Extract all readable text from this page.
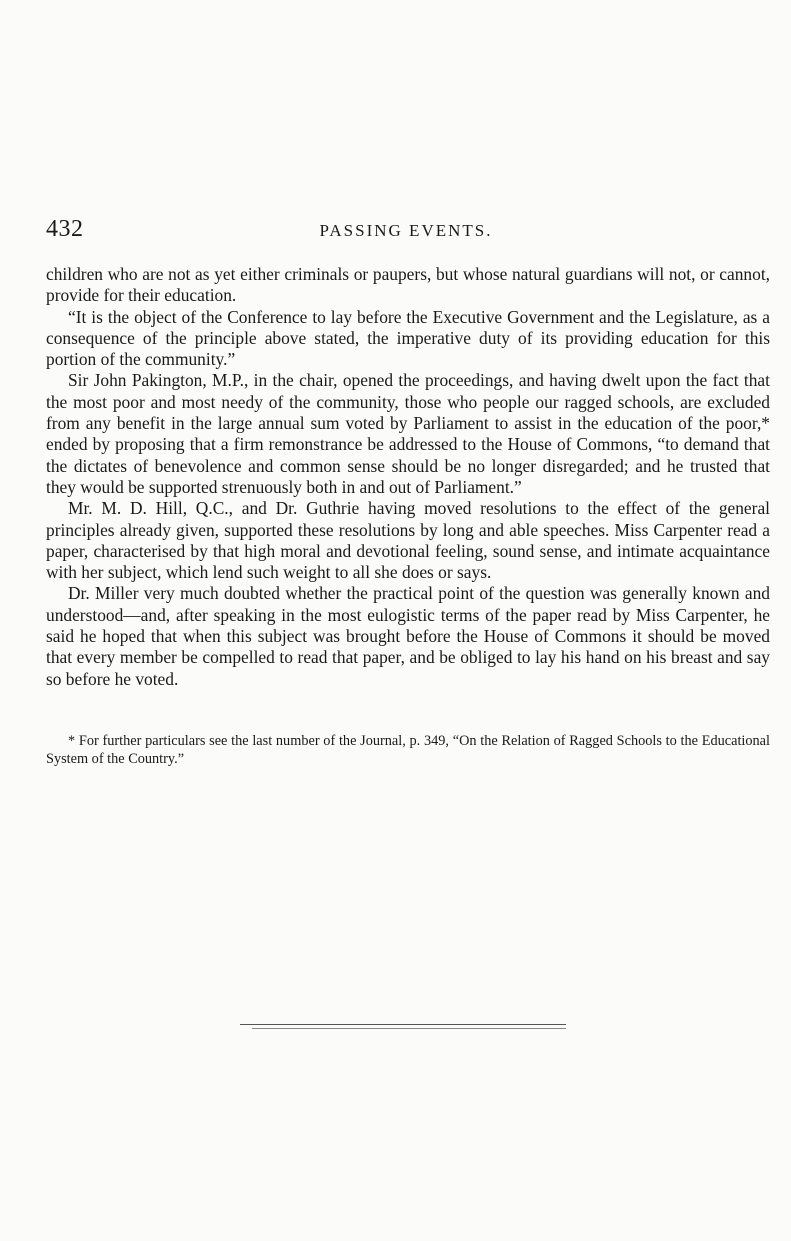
432	PASSING EVENTS.

children who are not as yet either criminals or paupers, but whose natural guardians will not, or cannot, provide for their education.

“It is the object of the Conference to lay before the Executive Government and the Legislature, as a consequence of the principle above stated, the imperative duty of its providing education for this portion of the community.”

Sir John Pakington, M.P., in the chair, opened the proceedings, and having dwelt upon the fact that the most poor and most needy of the community, those who people our ragged schools, are excluded from any benefit in the large annual sum voted by Parliament to assist in the education of the poor,* ended by proposing that a firm remonstrance be addressed to the House of Commons, “to demand that the dictates of benevolence and common sense should be no longer disregarded; and he trusted that they would be supported strenuously both in and out of Parliament.”

Mr. M. D. Hill, Q.C., and Dr. Guthrie having moved resolutions to the effect of the general principles already given, supported these resolutions by long and able speeches. Miss Carpenter read a paper, characterised by that high moral and devotional feeling, sound sense, and intimate acquaintance with her subject, which lend such weight to all she does or says.

Dr. Miller very much doubted whether the practical point of the question was generally known and understood—and, after speaking in the most eulogistic terms of the paper read by Miss Carpenter, he said he hoped that when this subject was brought before the House of Commons it should be moved that every member be compelled to read that paper, and be obliged to lay his hand on his breast and say so before he voted.

* For further particulars see the last number of the Journal, p. 349, “On the Relation of Ragged Schools to the Educational System of the Country.”
